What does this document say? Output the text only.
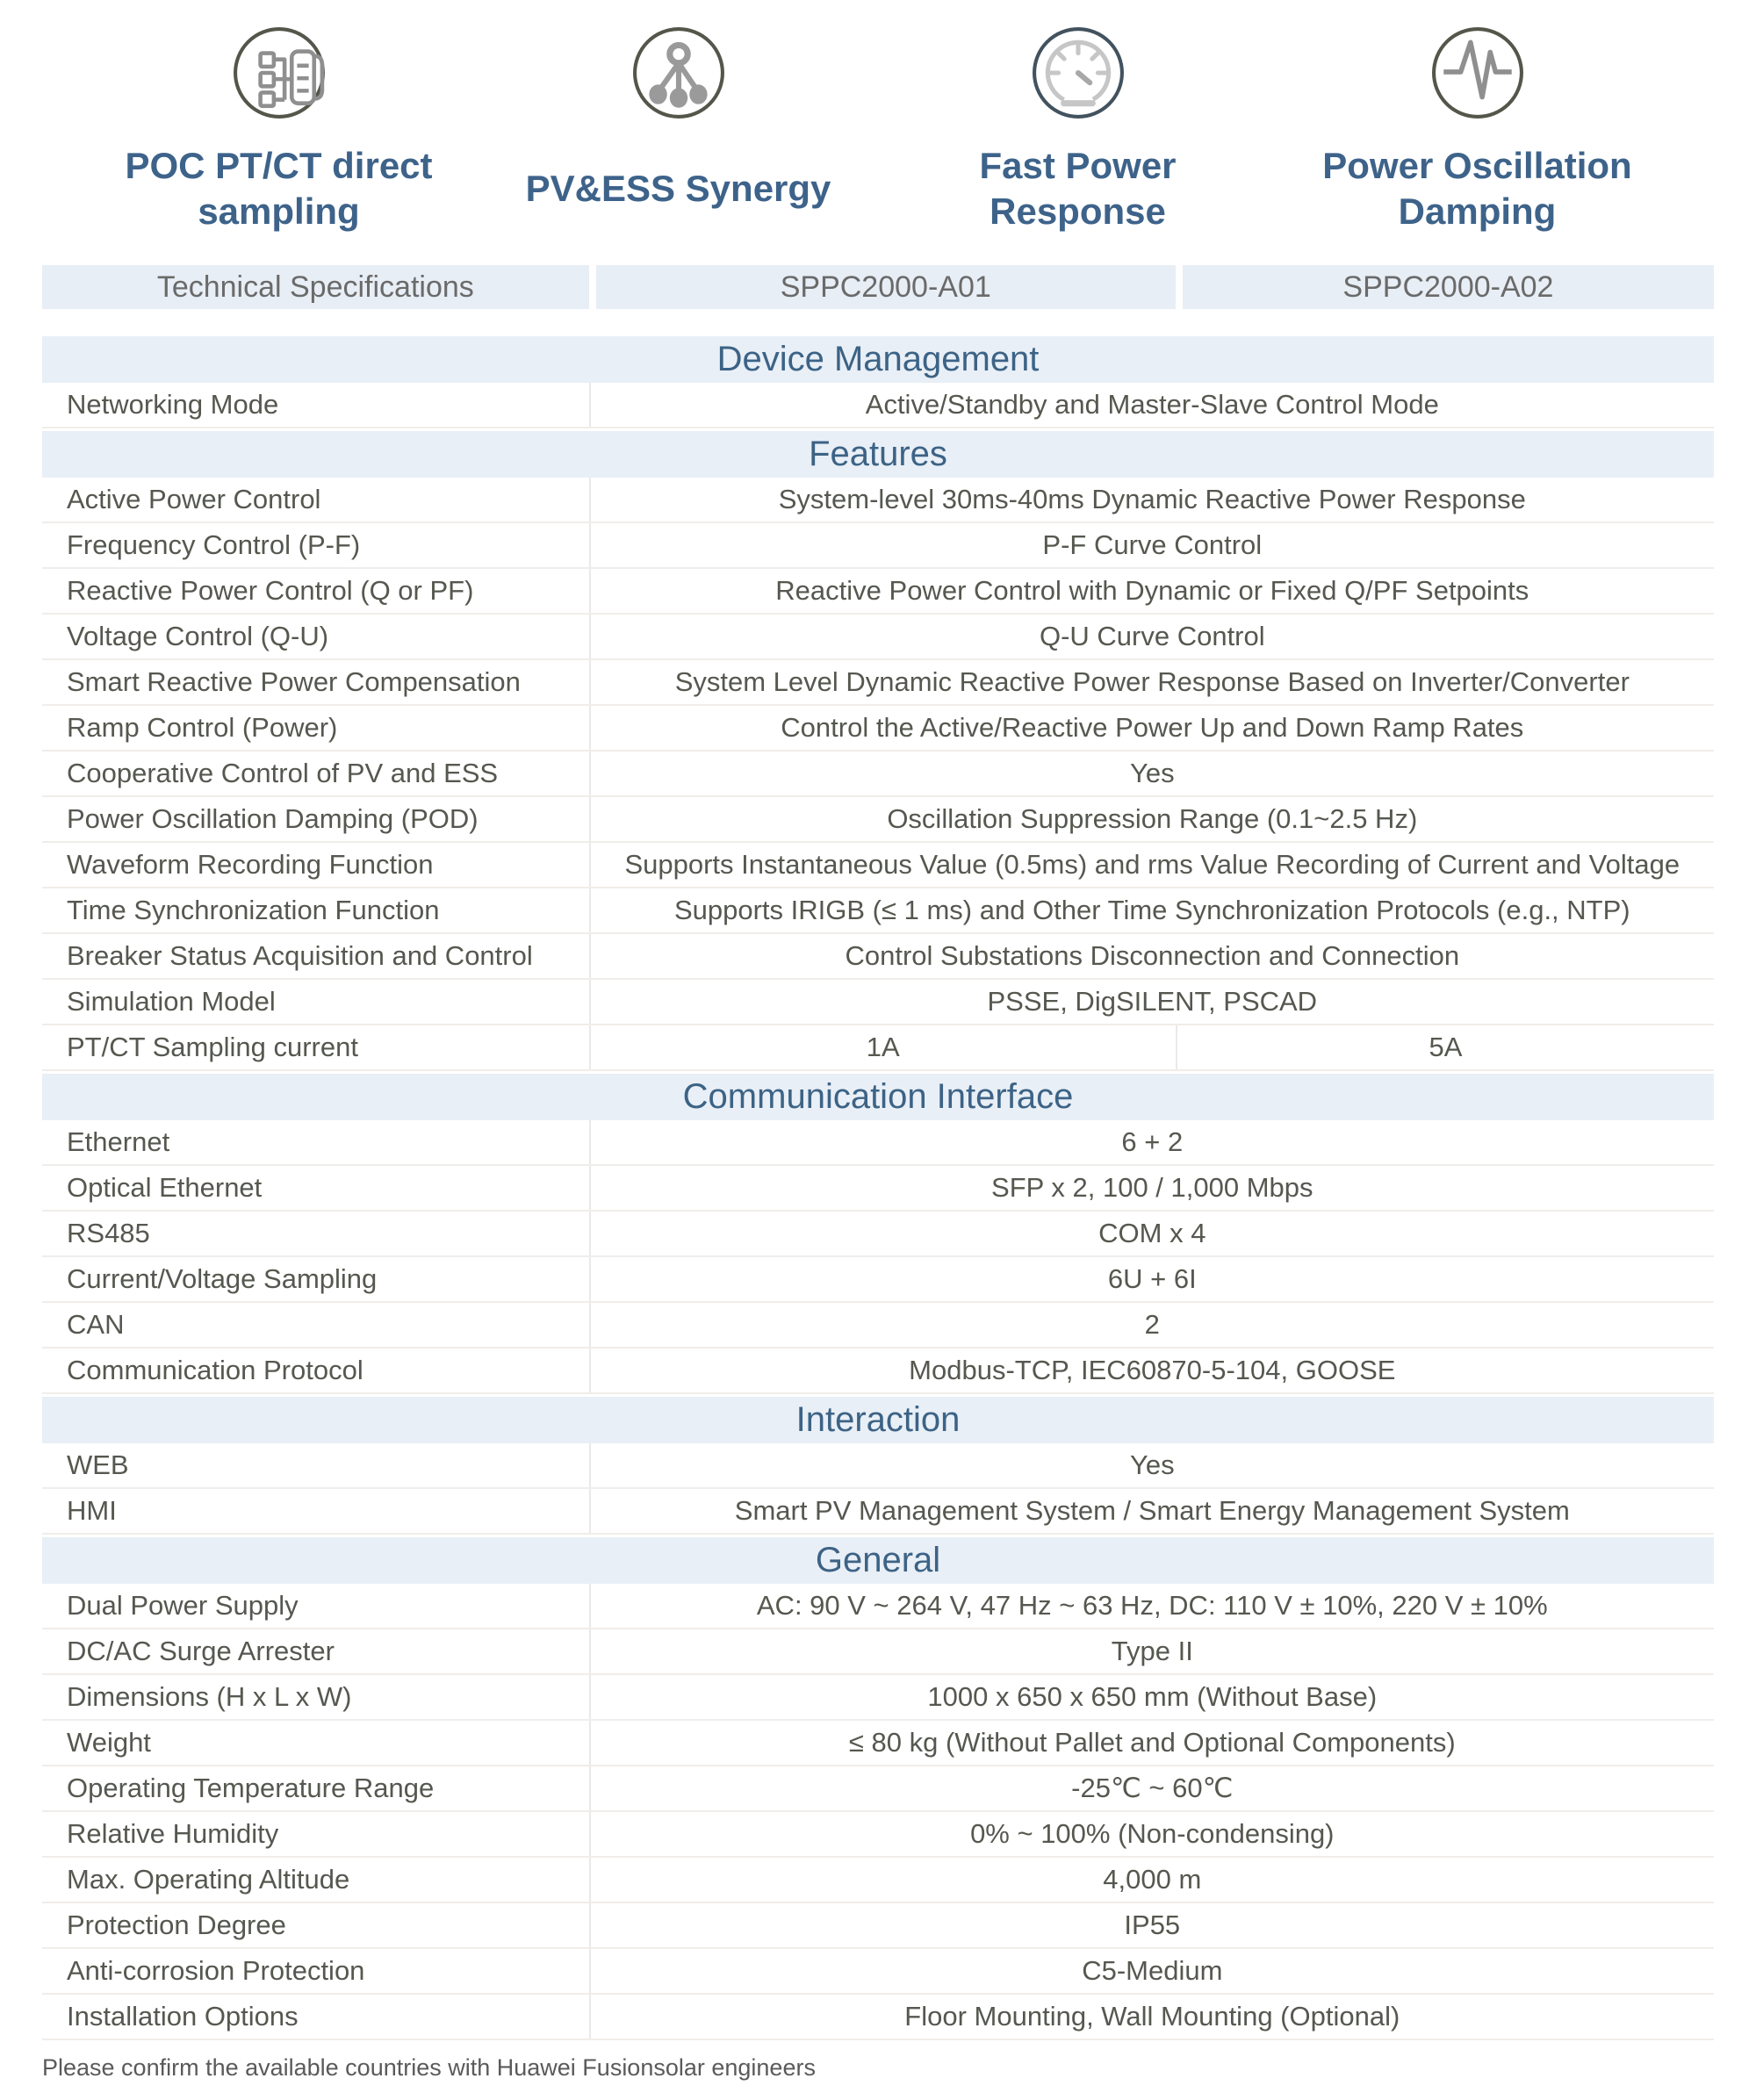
POC PT/CT direct sampling
PV&ESS Synergy
Fast Power Response
Power Oscillation Damping
Technical Specifications	SPPC2000-A01	SPPC2000-A02
Device Management
Networking Mode	Active/Standby and Master-Slave Control Mode
Features
Active Power Control	System-level 30ms-40ms Dynamic Reactive Power Response
Frequency Control (P-F)	P-F Curve Control
Reactive Power Control (Q or PF)	Reactive Power Control with Dynamic or Fixed Q/PF Setpoints
Voltage Control (Q-U)	Q-U Curve Control
Smart Reactive Power Compensation	System Level Dynamic Reactive Power Response Based on Inverter/Converter
Ramp Control (Power)	Control the Active/Reactive Power Up and Down Ramp Rates
Cooperative Control of PV and ESS	Yes
Power Oscillation Damping (POD)	Oscillation Suppression Range (0.1~2.5 Hz)
Waveform Recording Function	Supports Instantaneous Value (0.5ms) and rms Value Recording of Current and Voltage
Time Synchronization Function	Supports IRIGB (≤ 1 ms) and Other Time Synchronization Protocols (e.g., NTP)
Breaker Status Acquisition and Control	Control Substations Disconnection and Connection
Simulation Model	PSSE, DigSILENT, PSCAD
PT/CT Sampling current	1A	5A
Communication Interface
Ethernet	6 + 2
Optical Ethernet	SFP x 2, 100 / 1,000 Mbps
RS485	COM x 4
Current/Voltage Sampling	6U + 6I
CAN	2
Communication Protocol	Modbus-TCP, IEC60870-5-104, GOOSE
Interaction
WEB	Yes
HMI	Smart PV Management System / Smart Energy Management System
General
Dual Power Supply	AC: 90 V ~ 264 V, 47 Hz ~ 63 Hz, DC: 110 V ± 10%, 220 V ± 10%
DC/AC Surge Arrester	Type II
Dimensions (H x L x W)	1000 x 650 x 650 mm (Without Base)
Weight	≤ 80 kg (Without Pallet and Optional Components)
Operating Temperature Range	-25℃ ~ 60℃
Relative Humidity	0% ~ 100% (Non-condensing)
Max. Operating Altitude	4,000 m
Protection Degree	IP55
Anti-corrosion Protection	C5-Medium
Installation Options	Floor Mounting, Wall Mounting (Optional)
Please confirm the available countries with Huawei Fusionsolar engineers
